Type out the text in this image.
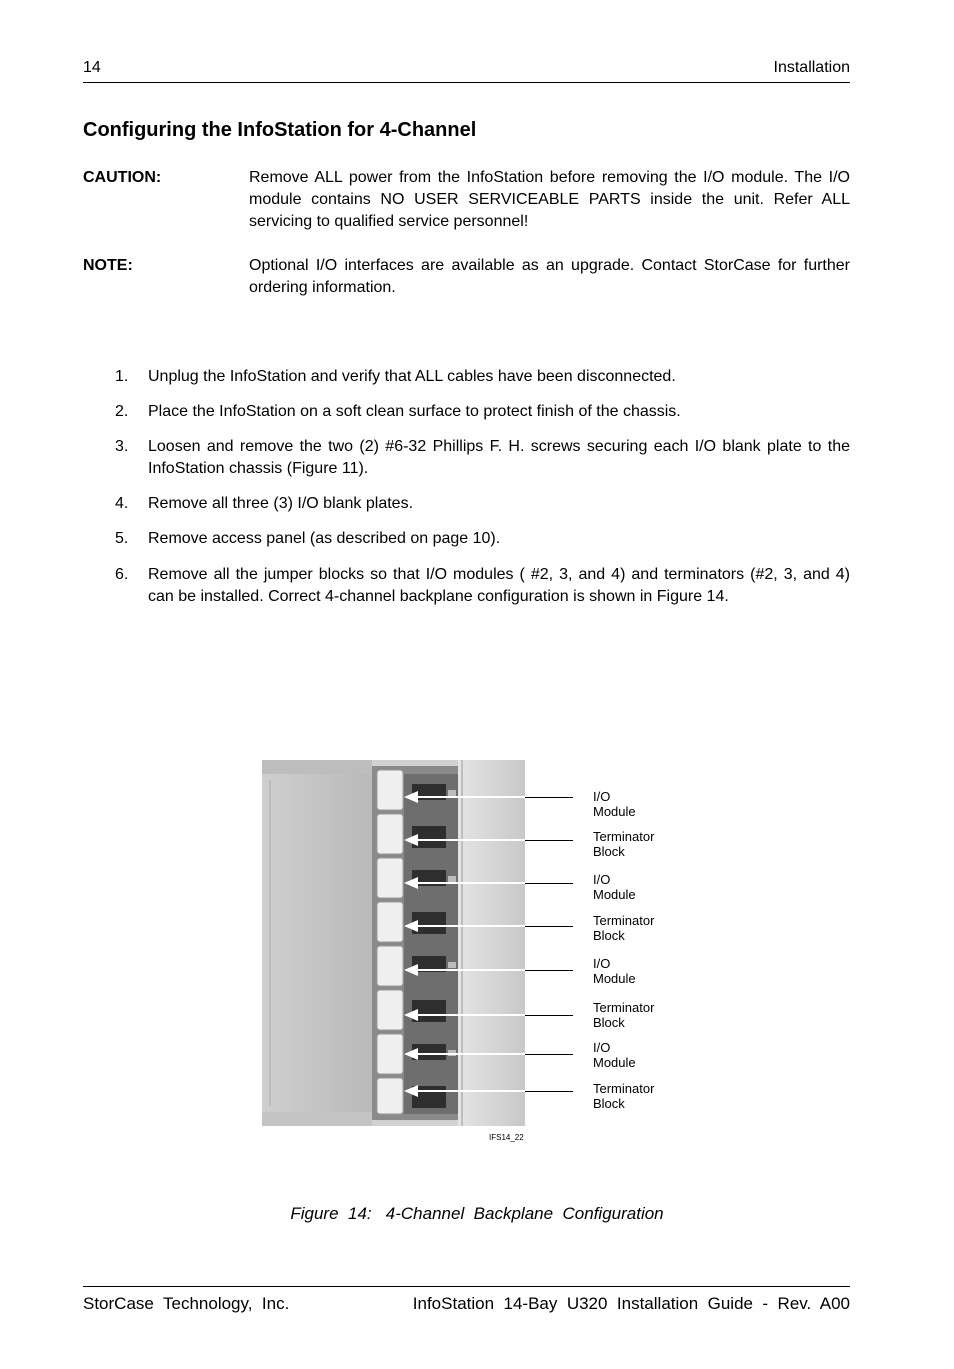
14	Installation
Configuring the InfoStation for 4-Channel
CAUTION:	Remove ALL power from the InfoStation before removing the I/O module. The I/O module contains NO USER SERVICEABLE PARTS inside the unit. Refer ALL servicing to qualified service personnel!
NOTE:	Optional I/O interfaces are available as an upgrade. Contact StorCase for further ordering information.
1.	Unplug the InfoStation and verify that ALL cables have been disconnected.
2.	Place the InfoStation on a soft clean surface to protect finish of the chassis.
3.	Loosen and remove the two (2) #6-32 Phillips F. H. screws securing each I/O blank plate to the InfoStation chassis (Figure 11).
4.	Remove all three (3) I/O blank plates.
5.	Remove access panel (as described on page 10).
6.	Remove all the jumper blocks so that I/O modules ( #2, 3, and 4) and terminators (#2, 3, and 4) can be installed. Correct 4-channel backplane configuration is shown in Figure 14.
I/O
Module
Terminator
Block
I/O
Module
Terminator
Block
I/O
Module
Terminator
Block
I/O
Module
Terminator
Block
IFS14_22
Figure  14:   4-Channel  Backplane  Configuration
StorCase  Technology,  Inc.	InfoStation  14-Bay  U320  Installation  Guide  -  Rev.  A00
